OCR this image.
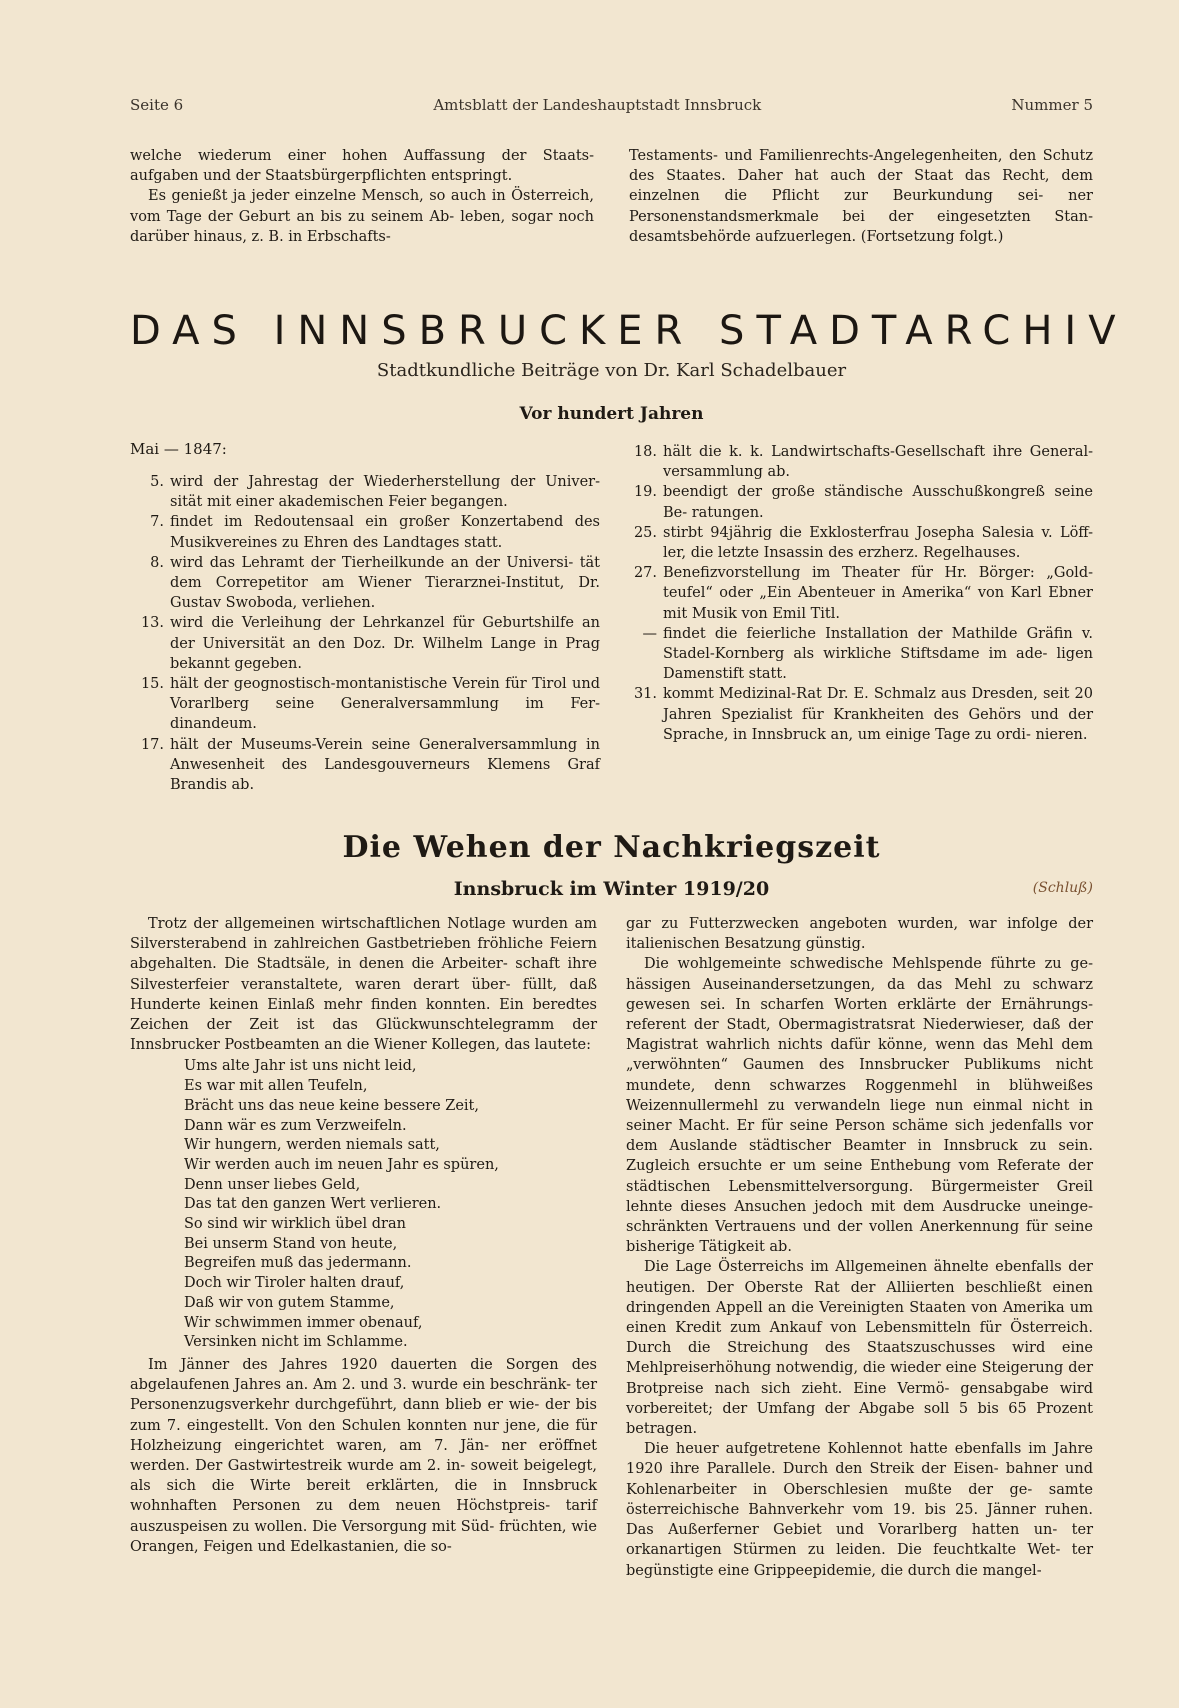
Seite 6	Amtsblatt der Landeshauptstadt Innsbruck	Nummer 5

welche wiederum einer hohen Auffassung der Staats- aufgaben und der Staatsbürgerpflichten entspringt.

Es genießt ja jeder einzelne Mensch, so auch in Österreich, vom Tage der Geburt an bis zu seinem Ab- leben, sogar noch darüber hinaus, z. B. in Erbschafts-

Testaments- und Familienrechts-Angelegenheiten, den Schutz des Staates. Daher hat auch der Staat das Recht, dem einzelnen die Pflicht zur Beurkundung sei- ner Personenstandsmerkmale bei der eingesetzten Stan- desamtsbehörde aufzuerlegen. (Fortsetzung folgt.)

DAS INNSBRUCKER STADTARCHIV
Stadtkundliche Beiträge von Dr. Karl Schadelbauer
Vor hundert Jahren
Mai — 1847:
5. wird der Jahrestag der Wiederherstellung der Univer- sität mit einer akademischen Feier begangen.
7. findet im Redoutensaal ein großer Konzertabend des Musikvereines zu Ehren des Landtages statt.
8. wird das Lehramt der Tierheilkunde an der Universi- tät dem Correpetitor am Wiener Tierarznei-Institut, Dr. Gustav Swoboda, verliehen.
13. wird die Verleihung der Lehrkanzel für Geburtshilfe an der Universität an den Doz. Dr. Wilhelm Lange in Prag bekannt gegeben.
15. hält der geognostisch-montanistische Verein für Tirol und Vorarlberg seine Generalversammlung im Fer- dinandeum.
17. hält der Museums-Verein seine Generalversammlung in Anwesenheit des Landesgouverneurs Klemens Graf Brandis ab.
18. hält die k. k. Landwirtschafts-Gesellschaft ihre General- versammlung ab.
19. beendigt der große ständische Ausschußkongreß seine Be- ratungen.
25. stirbt 94jährig die Exklosterfrau Josepha Salesia v. Löff- ler, die letzte Insassin des erzherz. Regelhauses.
27. Benefizvorstellung im Theater für Hr. Börger: „Gold- teufel“ oder „Ein Abenteuer in Amerika“ von Karl Ebner mit Musik von Emil Titl.
— findet die feierliche Installation der Mathilde Gräfin v. Stadel-Kornberg als wirkliche Stiftsdame im ade- ligen Damenstift statt.
31. kommt Medizinal-Rat Dr. E. Schmalz aus Dresden, seit 20 Jahren Spezialist für Krankheiten des Gehörs und der Sprache, in Innsbruck an, um einige Tage zu ordi- nieren.
Die Wehen der Nachkriegszeit
Innsbruck im Winter 1919/20	(Schluß)

Trotz der allgemeinen wirtschaftlichen Notlage wurden am Silversterabend in zahlreichen Gastbetrieben fröhliche Feiern abgehalten. Die Stadtsäle, in denen die Arbeiter- schaft ihre Silvesterfeier veranstaltete, waren derart über- füllt, daß Hunderte keinen Einlaß mehr finden konnten. Ein beredtes Zeichen der Zeit ist das Glückwunschtelegramm der Innsbrucker Postbeamten an die Wiener Kollegen, das lautete:

Ums alte Jahr ist uns nicht leid,
Es war mit allen Teufeln,
Brächt uns das neue keine bessere Zeit,
Dann wär es zum Verzweifeln.
Wir hungern, werden niemals satt,
Wir werden auch im neuen Jahr es spüren,
Denn unser liebes Geld,
Das tat den ganzen Wert verlieren.
So sind wir wirklich übel dran
Bei unserm Stand von heute,
Begreifen muß das jedermann.
Doch wir Tiroler halten drauf,
Daß wir von gutem Stamme,
Wir schwimmen immer obenauf,
Versinken nicht im Schlamme.

Im Jänner des Jahres 1920 dauerten die Sorgen des abgelaufenen Jahres an. Am 2. und 3. wurde ein beschränk- ter Personenzugsverkehr durchgeführt, dann blieb er wie- der bis zum 7. eingestellt. Von den Schulen konnten nur jene, die für Holzheizung eingerichtet waren, am 7. Jän- ner eröffnet werden. Der Gastwirtestreik wurde am 2. in- soweit beigelegt, als sich die Wirte bereit erklärten, die in Innsbruck wohnhaften Personen zu dem neuen Höchstpreis- tarif auszuspeisen zu wollen. Die Versorgung mit Süd- früchten, wie Orangen, Feigen und Edelkastanien, die so-

gar zu Futterzwecken angeboten wurden, war infolge der italienischen Besatzung günstig.

Die wohlgemeinte schwedische Mehlspende führte zu ge- hässigen Auseinandersetzungen, da das Mehl zu schwarz gewesen sei. In scharfen Worten erklärte der Ernährungs- referent der Stadt, Obermagistratsrat Niederwieser, daß der Magistrat wahrlich nichts dafür könne, wenn das Mehl dem „verwöhnten“ Gaumen des Innsbrucker Publikums nicht mundete, denn schwarzes Roggenmehl in blühweißes Weizennullermehl zu verwandeln liege nun einmal nicht in seiner Macht. Er für seine Person schäme sich jedenfalls vor dem Auslande städtischer Beamter in Innsbruck zu sein. Zugleich ersuchte er um seine Enthebung vom Referate der städtischen Lebensmittelversorgung. Bürgermeister Greil lehnte dieses Ansuchen jedoch mit dem Ausdrucke uneinge- schränkten Vertrauens und der vollen Anerkennung für seine bisherige Tätigkeit ab.

Die Lage Österreichs im Allgemeinen ähnelte ebenfalls der heutigen. Der Oberste Rat der Alliierten beschließt einen dringenden Appell an die Vereinigten Staaten von Amerika um einen Kredit zum Ankauf von Lebensmitteln für Österreich. Durch die Streichung des Staatszuschusses wird eine Mehlpreiserhöhung notwendig, die wieder eine Steigerung der Brotpreise nach sich zieht. Eine Vermö- gensabgabe wird vorbereitet; der Umfang der Abgabe soll 5 bis 65 Prozent betragen.

Die heuer aufgetretene Kohlennot hatte ebenfalls im Jahre 1920 ihre Parallele. Durch den Streik der Eisen- bahner und Kohlenarbeiter in Oberschlesien mußte der ge- samte österreichische Bahnverkehr vom 19. bis 25. Jänner ruhen. Das Außerferner Gebiet und Vorarlberg hatten un- ter orkanartigen Stürmen zu leiden. Die feuchtkalte Wet- ter begünstigte eine Grippeepidemie, die durch die mangel-
